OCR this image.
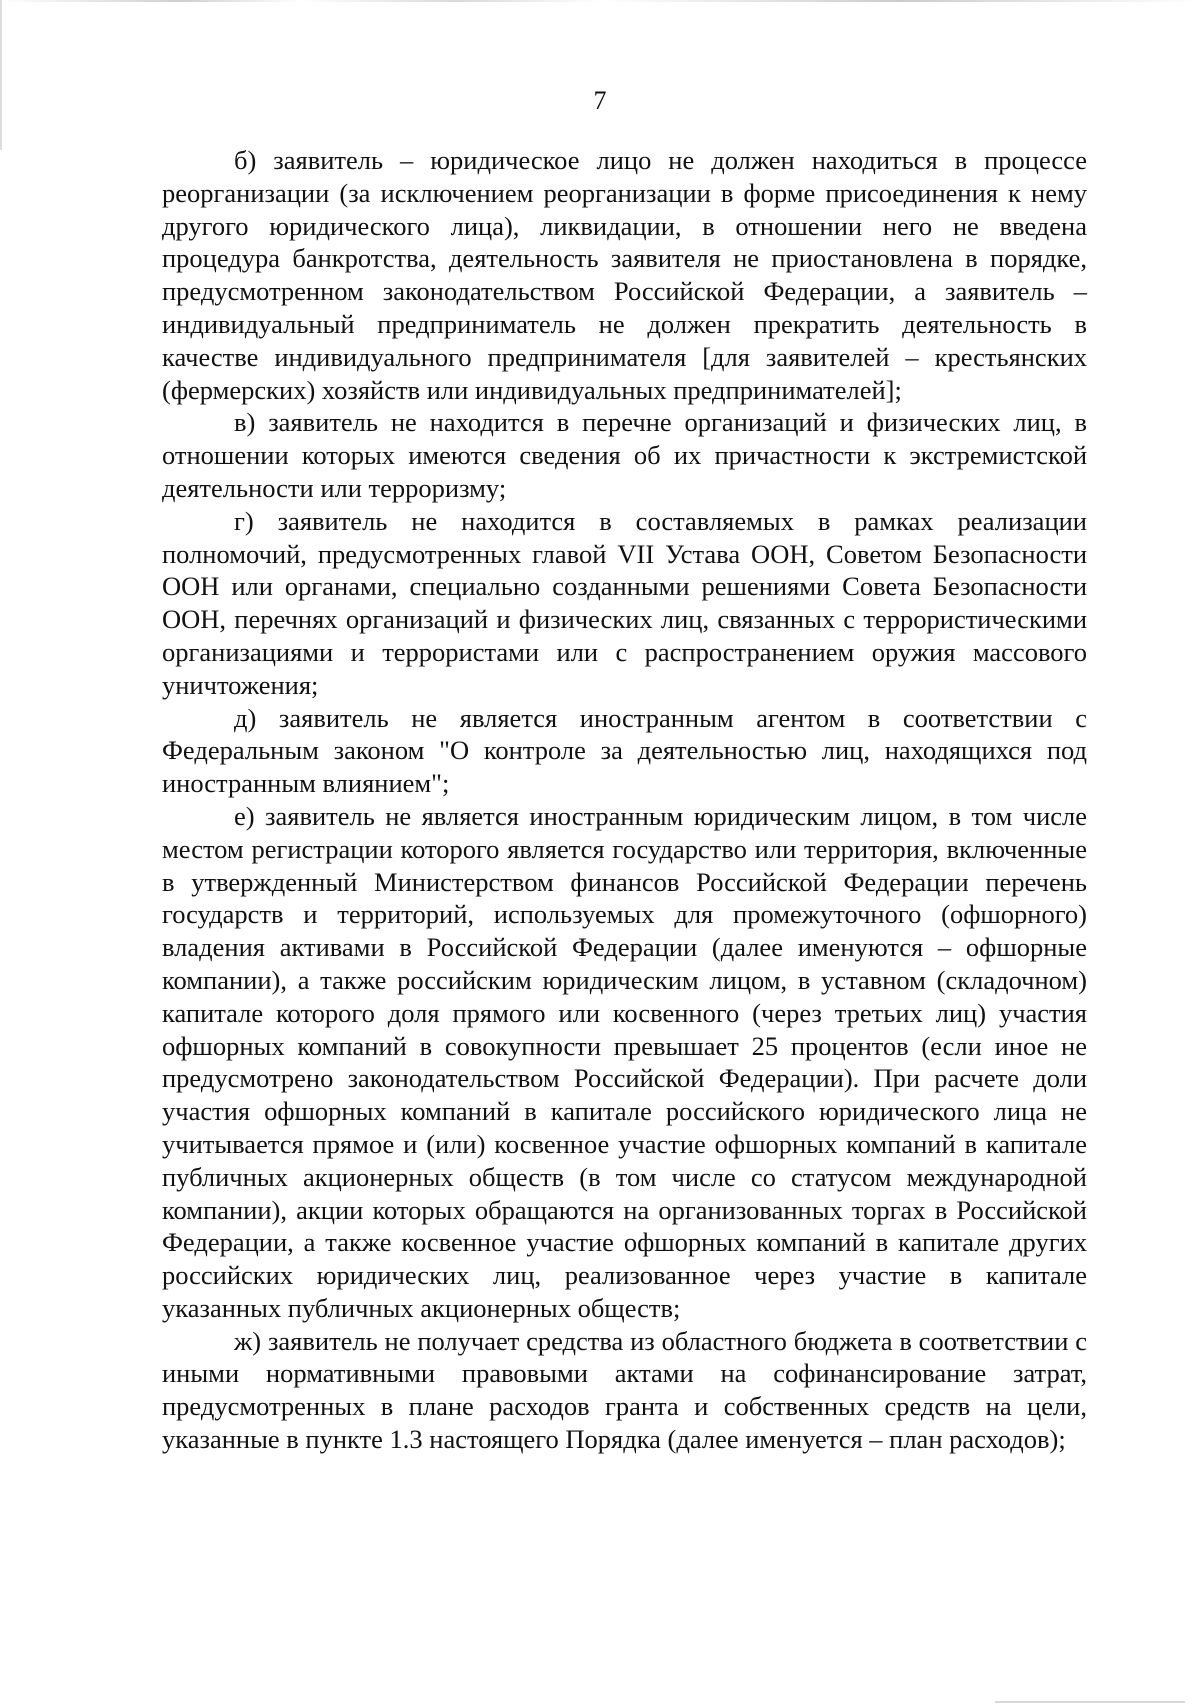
7

б) заявитель – юридическое лицо не должен находиться в процессе реорганизации (за исключением реорганизации в форме присоединения к нему другого юридического лица), ликвидации, в отношении него не введена процедура банкротства, деятельность заявителя не приостановлена в порядке, предусмотренном законодательством Российской Федерации, а заявитель – индивидуальный предприниматель не должен прекратить деятельность в качестве индивидуального предпринимателя [для заявителей – крестьянских (фермерских) хозяйств или индивидуальных предпринимателей];

в) заявитель не находится в перечне организаций и физических лиц, в отношении которых имеются сведения об их причастности к экстремистской деятельности или терроризму;

г) заявитель не находится в составляемых в рамках реализации полномочий, предусмотренных главой VII Устава ООН, Советом Безопасности ООН или органами, специально созданными решениями Совета Безопасности ООН, перечнях организаций и физических лиц, связанных с террористическими организациями и террористами или с распространением оружия массового уничтожения;

д) заявитель не является иностранным агентом в соответствии с Федеральным законом "О контроле за деятельностью лиц, находящихся под иностранным влиянием";

е) заявитель не является иностранным юридическим лицом, в том числе местом регистрации которого является государство или территория, включенные в утвержденный Министерством финансов Российской Федерации перечень государств и территорий, используемых для промежуточного (офшорного) владения активами в Российской Федерации (далее именуются – офшорные компании), а также российским юридическим лицом, в уставном (складочном) капитале которого доля прямого или косвенного (через третьих лиц) участия офшорных компаний в совокупности превышает 25 процентов (если иное не предусмотрено законодательством Российской Федерации). При расчете доли участия офшорных компаний в капитале российского юридического лица не учитывается прямое и (или) косвенное участие офшорных компаний в капитале публичных акционерных обществ (в том числе со статусом международной компании), акции которых обращаются на организованных торгах в Российской Федерации, а также косвенное участие офшорных компаний в капитале других российских юридических лиц, реализованное через участие в капитале указанных публичных акционерных обществ;

ж) заявитель не получает средства из областного бюджета в соответствии с иными нормативными правовыми актами на софинансирование затрат, предусмотренных в плане расходов гранта и собственных средств на цели, указанные в пункте 1.3 настоящего Порядка (далее именуется – план расходов);
